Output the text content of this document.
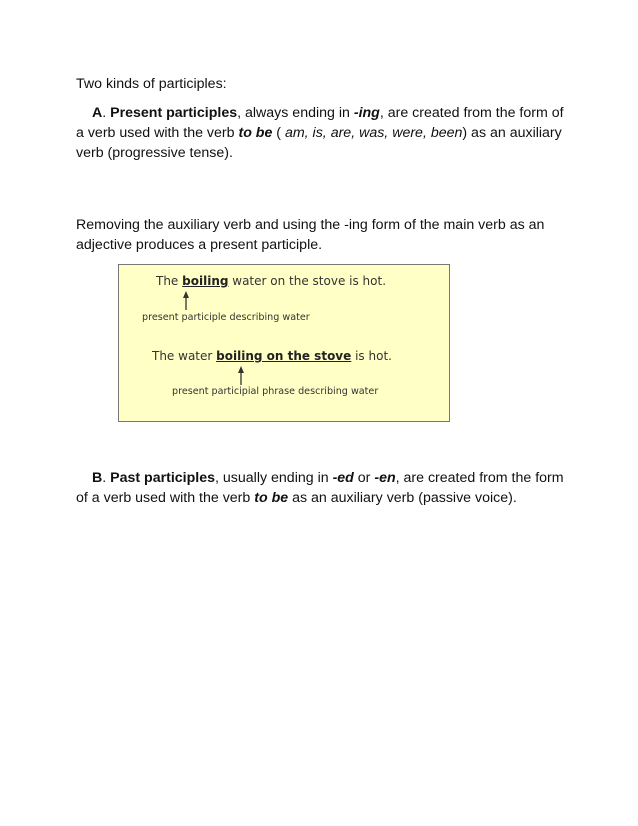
Two kinds of participles:

A. Present participles, always ending in -ing, are created from the form of a verb used with the verb to be ( am, is, are, was, were, been) as an auxiliary verb (progressive tense).

Removing the auxiliary verb and using the -ing form of the main verb as an adjective produces a present participle.

B. Past participles, usually ending in -ed or -en, are created from the form of a verb used with the verb to be as an auxiliary verb (passive voice).

The boiling water on the stove is hot.
present participle describing water
The water boiling on the stove is hot.
present participial phrase describing water
